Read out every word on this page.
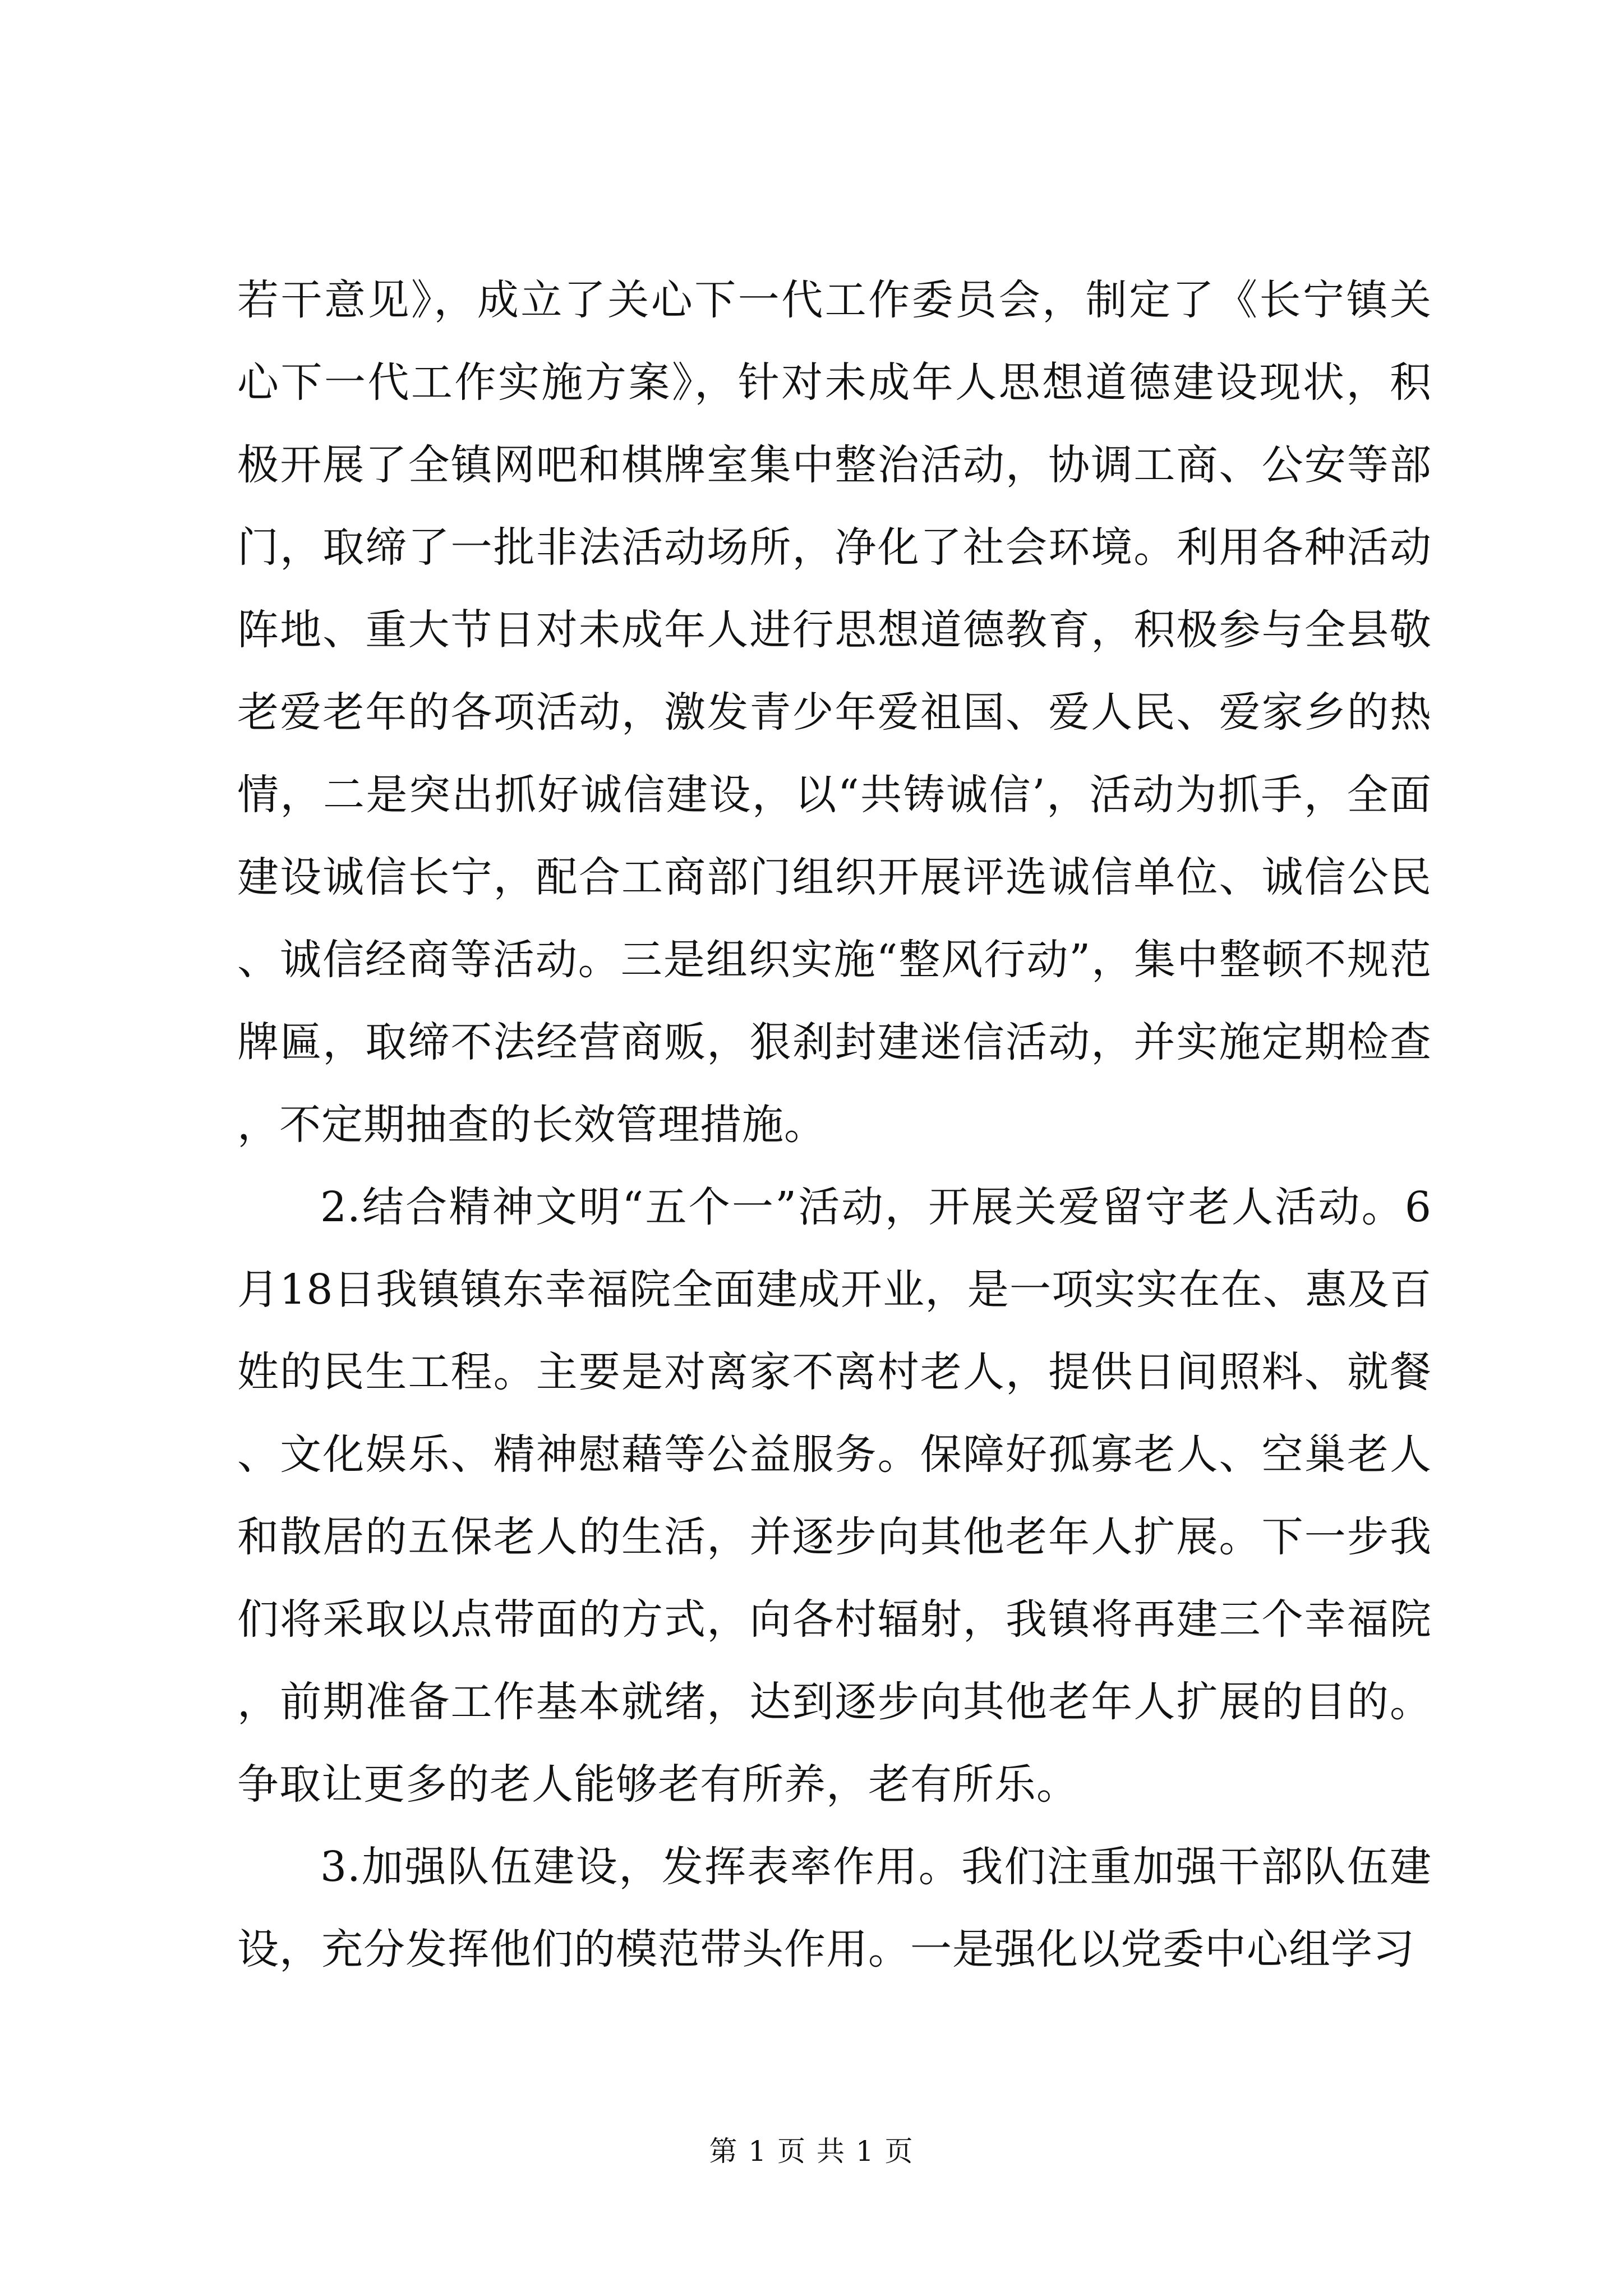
若干意见》，成立了关心下一代工作委员会，制定了《长宁镇关心下一代工作实施方案》，针对未成年人思想道德建设现状，积极开展了全镇网吧和棋牌室集中整治活动，协调工商、公安等部门，取缔了一批非法活动场所，净化了社会环境。利用各种活动阵地、重大节日对未成年人进行思想道德教育，积极参与全县敬老爱老年的各项活动，激发青少年爱祖国、爱人民、爱家乡的热情，二是突出抓好诚信建设，以“共铸诚信’，活动为抓手，全面建设诚信长宁，配合工商部门组织开展评选诚信单位、诚信公民、诚信经商等活动。三是组织实施“整风行动”，集中整顿不规范牌匾，取缔不法经营商贩，狠刹封建迷信活动，并实施定期检查，不定期抽查的长效管理措施。

2.结合精神文明“五个一”活动，开展关爱留守老人活动。6月18日我镇镇东幸福院全面建成开业，是一项实实在在、惠及百姓的民生工程。主要是对离家不离村老人，提供日间照料、就餐、文化娱乐、精神慰藉等公益服务。保障好孤寡老人、空巢老人和散居的五保老人的生活，并逐步向其他老年人扩展。下一步我们将采取以点带面的方式，向各村辐射，我镇将再建三个幸福院，前期准备工作基本就绪，达到逐步向其他老年人扩展的目的。争取让更多的老人能够老有所养，老有所乐。

3.加强队伍建设，发挥表率作用。我们注重加强干部队伍建设，充分发挥他们的模范带头作用。一是强化以党委中心组学习

第 1 页 共 1 页
